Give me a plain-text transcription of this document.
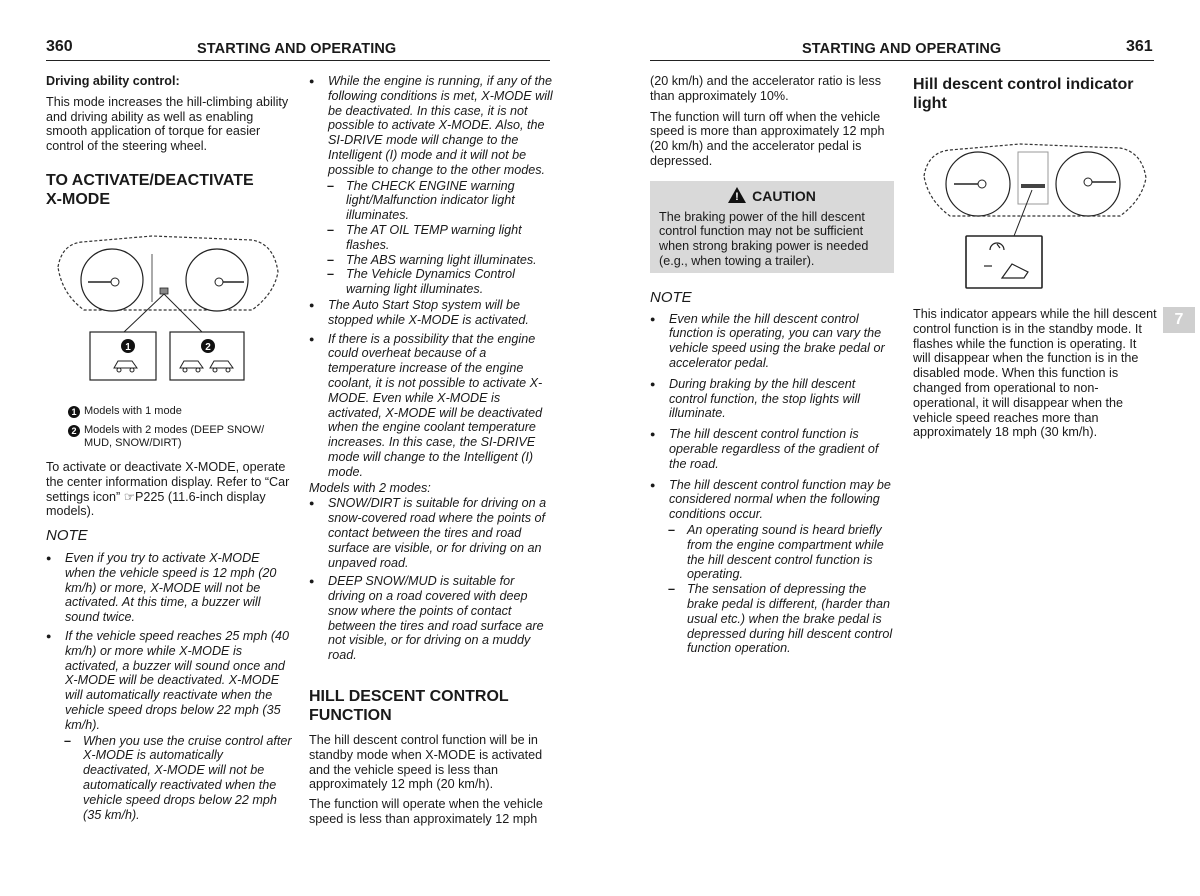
360	STARTING AND OPERATING

Driving ability control:

This mode increases the hill-climbing ability and driving ability as well as enabling smooth application of torque for easier control of the steering wheel.

TO ACTIVATE/DEACTIVATE
X-MODE
1	2
1 Models with 1 mode
2 Models with 2 modes (DEEP SNOW/ MUD, SNOW/DIRT)

To activate or deactivate X-MODE, operate the center information display. Refer to “Car settings icon” ☞P225 (11.6-inch display models).

NOTE

● Even if you try to activate X-MODE when the vehicle speed is 12 mph (20 km/h) or more, X-MODE will not be activated. At this time, a buzzer will sound twice.

● If the vehicle speed reaches 25 mph (40 km/h) or more while X-MODE is activated, a buzzer will sound once and X-MODE will be deactivated. X-MODE will automatically reactivate when the vehicle speed drops below 22 mph (35 km/h).

– When you use the cruise control after X-MODE is automatically deactivated, X-MODE will not be automatically reactivated when the vehicle speed drops below 22 mph (35 km/h).

● While the engine is running, if any of the following conditions is met, X-MODE will be deactivated. In this case, it is not possible to activate X-MODE. Also, the SI-DRIVE mode will change to the Intelligent (I) mode and it will not be possible to change to the other modes.

– The CHECK ENGINE warning light/Malfunction indicator light illuminates.

– The AT OIL TEMP warning light flashes.

– The ABS warning light illuminates.

– The Vehicle Dynamics Control warning light illuminates.

● The Auto Start Stop system will be stopped while X-MODE is activated.

● If there is a possibility that the engine could overheat because of a temperature increase of the engine coolant, it is not possible to activate X-MODE. Even while X-MODE is activated, X-MODE will be deactivated when the engine coolant temperature increases. In this case, the SI-DRIVE mode will change to the Intelligent (I) mode.

Models with 2 modes:

● SNOW/DIRT is suitable for driving on a snow-covered road where the points of contact between the tires and road surface are visible, or for driving on an unpaved road.

● DEEP SNOW/MUD is suitable for driving on a road covered with deep snow where the points of contact between the tires and road surface are not visible, or for driving on a muddy road.

HILL DESCENT CONTROL
FUNCTION

The hill descent control function will be in standby mode when X-MODE is activated and the vehicle speed is less than approximately 12 mph (20 km/h).

The function will operate when the vehicle speed is less than approximately 12 mph

STARTING AND OPERATING	361

(20 km/h) and the accelerator ratio is less than approximately 10%.

The function will turn off when the vehicle speed is more than approximately 12 mph (20 km/h) and the accelerator pedal is depressed.

! CAUTION

The braking power of the hill descent control function may not be sufficient when strong braking power is needed (e.g., when towing a trailer).

NOTE

● Even while the hill descent control function is operating, you can vary the vehicle speed using the brake pedal or accelerator pedal.

● During braking by the hill descent control function, the stop lights will illuminate.

● The hill descent control function is operable regardless of the gradient of the road.

● The hill descent control function may be considered normal when the following conditions occur.

– An operating sound is heard briefly from the engine compartment while the hill descent control function is operating.

– The sensation of depressing the brake pedal is different, (harder than usual etc.) when the brake pedal is depressed during hill descent control function operation.

Hill descent control indicator light
This indicator appears while the hill descent control function is in the standby mode. It flashes while the function is operating. It will disappear when the function is in the disabled mode. When this function is changed from operational to non-operational, it will disappear when the vehicle speed reaches more than approximately 18 mph (30 km/h).
7
